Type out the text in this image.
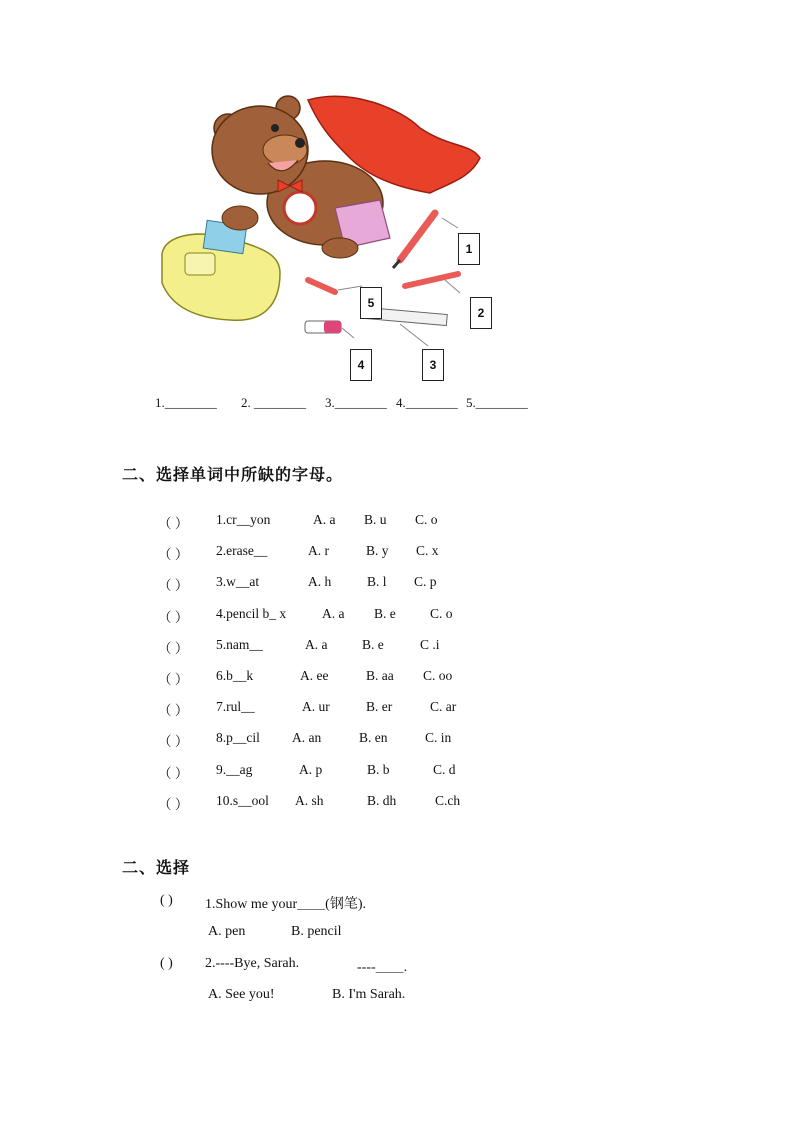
1
2
3
4
5
1.________ 2. ________ 3.________ 4.________ 5.________
二、选择单词中所缺的字母。
（ ） 1.cr__yon	A. a B. u C. o
（ ） 2.erase__	A. r	B. y C. x
（ ） 3.w__at	A. h	B. l C. p
（ ） 4.pencil b_ x	A. a B. e	C. o
（ ） 5.nam__	A. a	B. e	C .i
（ ） 6.b__k	A. ee	B. aa C. oo
（ ） 7.rul__	A. ur	B. er	C. ar
（ ） 8.p__cil A. an	B. en	C. in
（ ） 9.__ag	A. p	B. b	C. d
（ ） 10.s__ool A. sh	B. dh	C.ch
二、选择
( ) 1.Show me your＿＿(钢笔).
A. pen	B. pencil
( ) 2.----Bye, Sarah.	----＿＿.
A. See you!	B. I'm Sarah.
